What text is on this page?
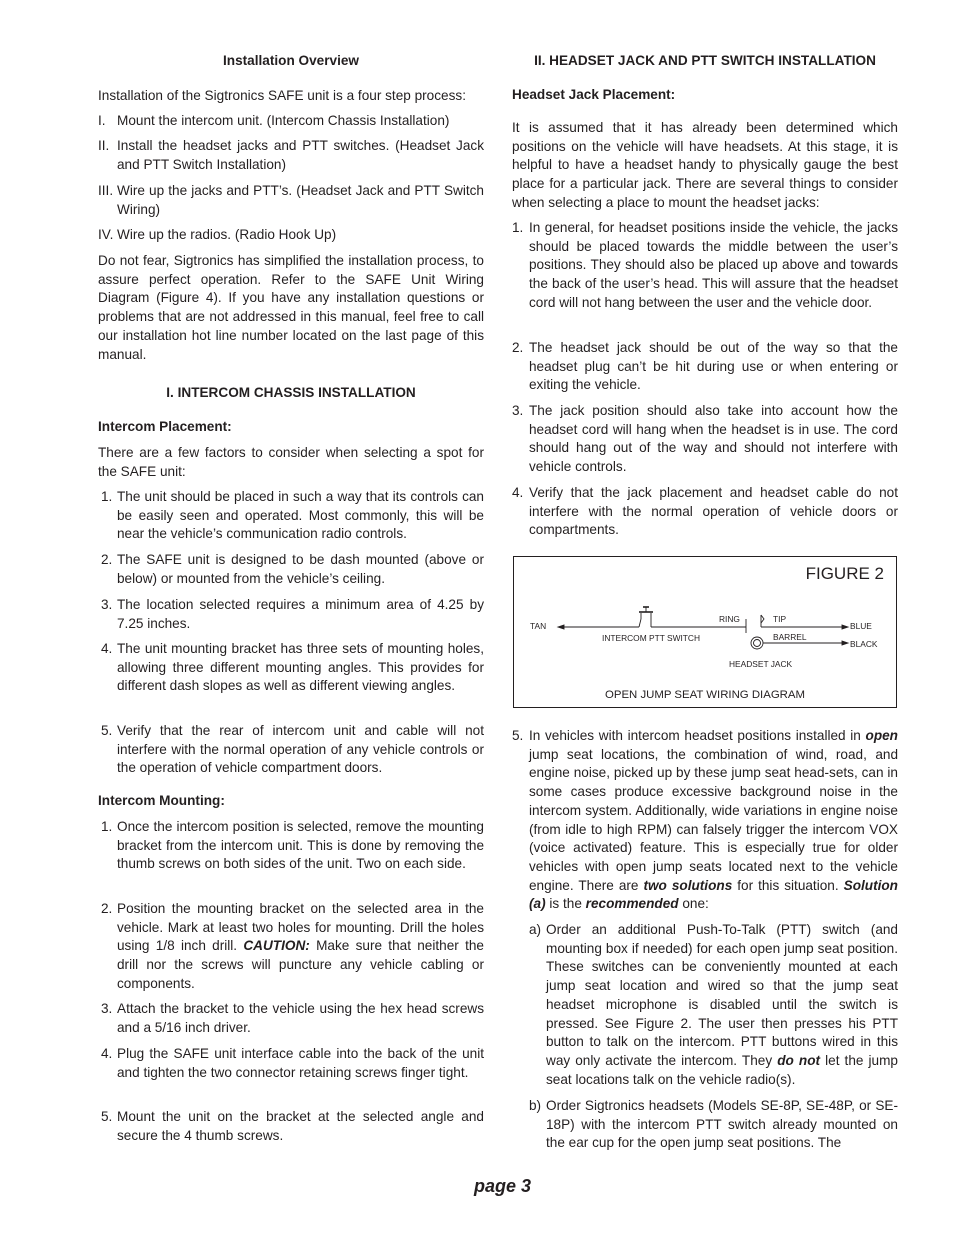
Installation Overview
Installation of the Sigtronics SAFE unit is a four step process:
I. Mount the intercom unit. (Intercom Chassis Installation)
II. Install the headset jacks and PTT switches. (Headset Jack and PTT Switch Installation)
III. Wire up the jacks and PTT’s. (Headset Jack and PTT Switch Wiring)
IV. Wire up the radios. (Radio Hook Up)
Do not fear, Sigtronics has simplified the installation process, to assure perfect operation. Refer to the SAFE Unit Wiring Diagram (Figure 4). If you have any installation questions or problems that are not addressed in this manual, feel free to call our installation hot line number located on the last page of this manual.
I. INTERCOM CHASSIS INSTALLATION
Intercom Placement:
There are a few factors to consider when selecting a spot for the SAFE unit:
1. The unit should be placed in such a way that its controls can be easily seen and operated. Most commonly, this will be near the vehicle’s communication radio controls.
2. The SAFE unit is designed to be dash mounted (above or below) or mounted from the vehicle’s ceiling.
3. The location selected requires a minimum area of 4.25 by 7.25 inches.
4. The unit mounting bracket has three sets of mounting holes, allowing three different mounting angles. This provides for different dash slopes as well as different viewing angles.
5. Verify that the rear of intercom unit and cable will not interfere with the normal operation of any vehicle controls or the operation of vehicle compartment doors.
Intercom Mounting:
1. Once the intercom position is selected, remove the mounting bracket from the intercom unit. This is done by removing the thumb screws on both sides of the unit. Two on each side.
2. Position the mounting bracket on the selected area in the vehicle. Mark at least two holes for mounting. Drill the holes using 1/8 inch drill. CAUTION: Make sure that neither the drill nor the screws will puncture any vehicle cabling or components.
3. Attach the bracket to the vehicle using the hex head screws and a 5/16 inch driver.
4. Plug the SAFE unit interface cable into the back of the unit and tighten the two connector retaining screws finger tight.
5. Mount the unit on the bracket at the selected angle and secure the 4 thumb screws.
II. HEADSET JACK AND PTT SWITCH INSTALLATION
Headset Jack Placement:
It is assumed that it has already been determined which positions on the vehicle will have headsets. At this stage, it is helpful to have a headset handy to physically gauge the best place for a particular jack. There are several things to consider when selecting a place to mount the headset jacks:
1. In general, for headset positions inside the vehicle, the jacks should be placed towards the middle between the user’s positions. They should also be placed up above and towards the back of the user’s head. This will assure that the headset cord will not hang between the user and the vehicle door.
2. The headset jack should be out of the way so that the headset plug can’t be hit during use or when entering or exiting the vehicle.
3. The jack position should also take into account how the headset cord will hang when the headset is in use. The cord should hang out of the way and should not interfere with vehicle controls.
4. Verify that the jack placement and headset cable do not interfere with the normal operation of vehicle doors or compartments.
5. In vehicles with intercom headset positions installed in open jump seat locations, the combination of wind, road, and engine noise, picked up by these jump seat head-sets, can in some cases produce excessive background noise in the intercom system. Additionally, wide variations in engine noise (from idle to high RPM) can falsely trigger the intercom VOX (voice activated) feature. This is especially true for older vehicles with open jump seats located next to the vehicle engine. There are two solutions for this situation. Solution (a) is the recommended one:
a) Order an additional Push-To-Talk (PTT) switch (and mounting box if needed) for each open jump seat position. These switches can be conveniently mounted at each jump seat location and wired so that the jump seat headset microphone is disabled until the switch is pressed. See Figure 2. The user then presses his PTT button to talk on the intercom. PTT buttons wired in this way only activate the intercom. They do not let the jump seat locations talk on the vehicle radio(s).
b) Order Sigtronics headsets (Models SE-8P, SE-48P, or SE-18P) with the intercom PTT switch already mounted on the ear cup for the open jump seat positions. The
FIGURE 2
TAN
INTERCOM PTT SWITCH
RING	TIP
BARREL
BLUE
BLACK
HEADSET JACK
OPEN JUMP SEAT WIRING DIAGRAM
page 3
